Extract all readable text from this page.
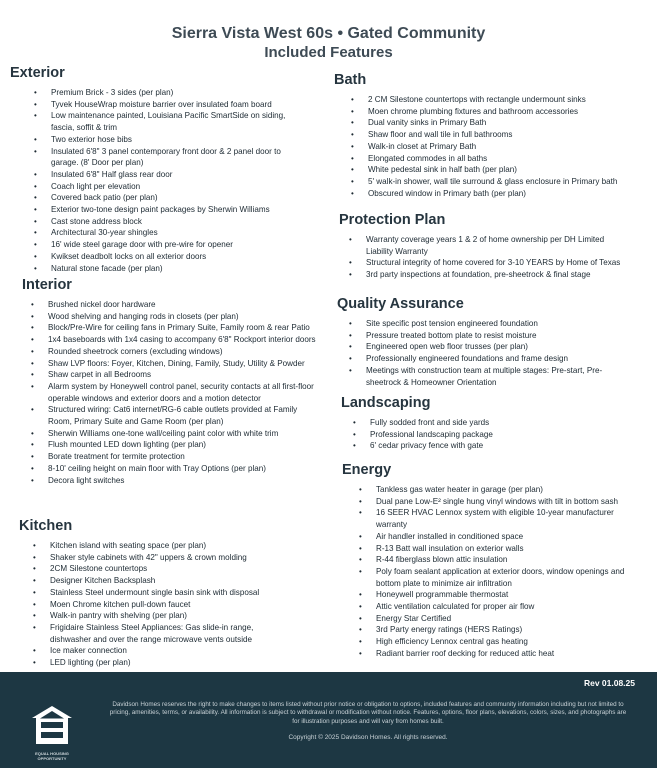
Sierra Vista West 60s • Gated Community
Included Features
Exterior
• Premium Brick - 3 sides (per plan)
• Tyvek HouseWrap moisture barrier over insulated foam board
• Low maintenance painted, Louisiana Pacific SmartSide on siding, fascia, soffit & trim
• Two exterior hose bibs
• Insulated 6'8" 3 panel contemporary front door & 2 panel door to garage. (8' Door per plan)
• Insulated 6'8" Half glass rear door
• Coach light per elevation
• Covered back patio (per plan)
• Exterior two-tone design paint packages by Sherwin Williams
• Cast stone address block
• Architectural 30-year shingles
• 16' wide steel garage door with pre-wire for opener
• Kwikset deadbolt locks on all exterior doors
• Natural stone facade (per plan)
Interior
• Brushed nickel door hardware
• Wood shelving and hanging rods in closets (per plan)
• Block/Pre-Wire for ceiling fans in Primary Suite, Family room & rear Patio
• 1x4 baseboards with 1x4 casing to accompany 6'8" Rockport interior doors
• Rounded sheetrock corners (excluding windows)
• Shaw LVP floors: Foyer, Kitchen, Dining, Family, Study, Utility & Powder
• Shaw carpet in all Bedrooms
• Alarm system by Honeywell control panel, security contacts at all first-floor operable windows and exterior doors and a motion detector
• Structured wiring: Cat6 internet/RG-6 cable outlets provided at Family Room, Primary Suite and Game Room (per plan)
• Sherwin Williams one-tone wall/ceiling paint color with white trim
• Flush mounted LED down lighting (per plan)
• Borate treatment for termite protection
• 8-10' ceiling height on main floor with Tray Options (per plan)
• Decora light switches
Kitchen
• Kitchen island with seating space (per plan)
• Shaker style cabinets with 42" uppers & crown molding
• 2CM Silestone countertops
• Designer Kitchen Backsplash
• Stainless Steel undermount single basin sink with disposal
• Moen Chrome kitchen pull-down faucet
• Walk-in pantry with shelving (per plan)
• Frigidaire Stainless Steel Appliances: Gas slide-in range, dishwasher and over the range microwave vents outside
• Ice maker connection
• LED lighting (per plan)
Bath
• 2 CM Silestone countertops with rectangle undermount sinks
• Moen chrome plumbing fixtures and bathroom accessories
• Dual vanity sinks in Primary Bath
• Shaw floor and wall tile in full bathrooms
• Walk-in closet at Primary Bath
• Elongated commodes in all baths
• White pedestal sink in half bath (per plan)
• 5' walk-in shower, wall tile surround & glass enclosure in Primary bath
• Obscured window in Primary bath (per plan)
Protection Plan
• Warranty coverage years 1 & 2 of home ownership per DH Limited Liability Warranty
• Structural integrity of home covered for 3-10 YEARS by Home of Texas
• 3rd party inspections at foundation, pre-sheetrock & final stage
Quality Assurance
• Site specific post tension engineered foundation
• Pressure treated bottom plate to resist moisture
• Engineered open web floor trusses (per plan)
• Professionally engineered foundations and frame design
• Meetings with construction team at multiple stages: Pre-start, Pre-sheetrock & Homeowner Orientation
Landscaping
• Fully sodded front and side yards
• Professional landscaping package
• 6' cedar privacy fence with gate
Energy
• Tankless gas water heater in garage (per plan)
• Dual pane Low-E² single hung vinyl windows with tilt in bottom sash
• 16 SEER HVAC Lennox system with eligible 10-year manufacturer warranty
• Air handler installed in conditioned space
• R-13 Batt wall insulation on exterior walls
• R-44 fiberglass blown attic insulation
• Poly foam sealant application at exterior doors, window openings and bottom plate to minimize air infiltration
• Honeywell programmable thermostat
• Attic ventilation calculated for proper air flow
• Energy Star Certified
• 3rd Party energy ratings (HERS Ratings)
• High efficiency Lennox central gas heating
• Radiant barrier roof decking for reduced attic heat
Rev 01.08.25
EQUAL HOUSING OPPORTUNITY
Davidson Homes reserves the right to make changes to items listed without prior notice or obligation to options, included features and community information including but not limited to pricing, amenities, terms, or availability. All information is subject to withdrawal or modification without notice. Features, options, floor plans, elevations, colors, sizes, and photographs are for illustration purposes and will vary from homes built.
Copyright © 2025 Davidson Homes. All rights reserved.
